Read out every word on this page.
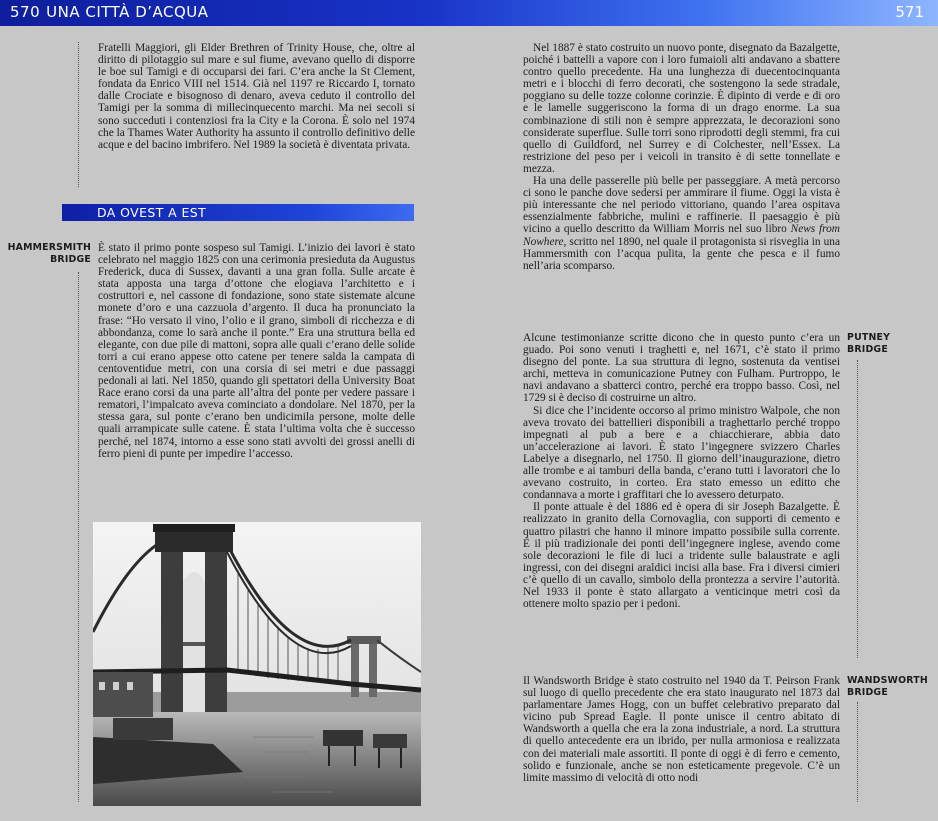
570 UNA CITTÀ D’ACQUA	571

Fratelli Maggiori, gli Elder Brethren of Trinity House, che, oltre al diritto di pilotaggio sul mare e sul fiume, avevano quello di disporre le boe sul Tamigi e di occuparsi dei fari. C’era anche la St Clement, fondata da Enrico VIII nel 1514. Già nel 1197 re Riccardo I, tornato dalle Crociate e bisognoso di denaro, aveva ceduto il controllo del Tamigi per la somma di millecinquecento marchi. Ma nei secoli si sono succeduti i contenziosi fra la City e la Corona. È solo nel 1974 che la Thames Water Authority ha assunto il controllo definitivo delle acque e del bacino imbrifero. Nel 1989 la società è diventata privata.

DA OVEST A EST
HAMMERSMITH
BRIDGE

È stato il primo ponte sospeso sul Tamigi. L’inizio dei lavori è stato celebrato nel maggio 1825 con una cerimonia presieduta da Augustus Frederick, duca di Sussex, davanti a una gran folla. Sulle arcate è stata apposta una targa d’ottone che elogiava l’architetto e i costruttori e, nel cassone di fondazione, sono state sistemate alcune monete d’oro e una cazzuola d’argento. Il duca ha pronunciato la frase: “Ho versato il vino, l’olio e il grano, simboli di ricchezza e di abbondanza, come lo sarà anche il ponte.” Era una struttura bella ed elegante, con due pile di mattoni, sopra alle quali c’erano delle solide torri a cui erano appese otto catene per tenere salda la campata di centoventidue metri, con una corsia di sei metri e due passaggi pedonali ai lati. Nel 1850, quando gli spettatori della University Boat Race erano corsi da una parte all’altra del ponte per vedere passare i rematori, l’impalcato aveva cominciato a dondolare. Nel 1870, per la stessa gara, sul ponte c’erano ben undicimila persone, molte delle quali arrampicate sulle catene. È stata l’ultima volta che è successo perché, nel 1874, intorno a esse sono stati avvolti dei grossi anelli di ferro pieni di punte per impedire l’accesso.

Nel 1887 è stato costruito un nuovo ponte, disegnato da Bazalgette, poiché i battelli a vapore con i loro fumaioli alti andavano a sbattere contro quello precedente. Ha una lunghezza di duecentocinquanta metri e i blocchi di ferro decorati, che sostengono la sede stradale, poggiano su delle tozze colonne corinzie. È dipinto di verde e di oro e le lamelle suggeriscono la forma di un drago enorme. La sua combinazione di stili non è sempre apprezzata, le decorazioni sono considerate superflue. Sulle torri sono riprodotti degli stemmi, fra cui quello di Guildford, nel Surrey e di Colchester, nell’Essex. La restrizione del peso per i veicoli in transito è di sette tonnellate e mezza.

Ha una delle passerelle più belle per passeggiare. A metà percorso ci sono le panche dove sedersi per ammirare il fiume. Oggi la vista è più interessante che nel periodo vittoriano, quando l’area ospitava essenzialmente fabbriche, mulini e raffinerie. Il paesaggio è più vicino a quello descritto da William Morris nel suo libro News from Nowhere, scritto nel 1890, nel quale il protagonista si risveglia in una Hammersmith con l’acqua pulita, la gente che pesca e il fumo nell’aria scomparso.

PUTNEY
BRIDGE

Alcune testimonianze scritte dicono che in questo punto c’era un guado. Poi sono venuti i traghetti e, nel 1671, c’è stato il primo disegno del ponte. La sua struttura di legno, sostenuta da ventisei archi, metteva in comunicazione Putney con Fulham. Purtroppo, le navi andavano a sbatterci contro, perché era troppo basso. Così, nel 1729 si è deciso di costruirne un altro.

Si dice che l’incidente occorso al primo ministro Walpole, che non aveva trovato dei battellieri disponibili a traghettarlo perché troppo impegnati al pub a bere e a chiacchierare, abbia dato un’accelerazione ai lavori. È stato l’ingegnere svizzero Charles Labelye a disegnarlo, nel 1750. Il giorno dell’inaugurazione, dietro alle trombe e ai tamburi della banda, c’erano tutti i lavoratori che lo avevano costruito, in corteo. Era stato emesso un editto che condannava a morte i graffitari che lo avessero deturpato.

Il ponte attuale è del 1886 ed è opera di sir Joseph Bazalgette. È realizzato in granito della Cornovaglia, con supporti di cemento e quattro pilastri che hanno il minore impatto possibile sulla corrente. È il più tradizionale dei ponti dell’ingegnere inglese, avendo come sole decorazioni le file di luci a tridente sulle balaustrate e agli ingressi, con dei disegni araldici incisi alla base. Fra i diversi cimieri c’è quello di un cavallo, simbolo della prontezza a servire l’autorità. Nel 1933 il ponte è stato allargato a venticinque metri così da ottenere molto spazio per i pedoni.

WANDSWORTH
BRIDGE

Il Wandsworth Bridge è stato costruito nel 1940 da T. Peirson Frank sul luogo di quello precedente che era stato inaugurato nel 1873 dal parlamentare James Hogg, con un buffet celebrativo preparato dal vicino pub Spread Eagle. Il ponte unisce il centro abitato di Wandsworth a quella che era la zona industriale, a nord. La struttura di quello antecedente era un ibrido, per nulla armoniosa e realizzata con dei materiali male assortiti. Il ponte di oggi è di ferro e cemento, solido e funzionale, anche se non esteticamente pregevole. C’è un limite massimo di velocità di otto nodi
